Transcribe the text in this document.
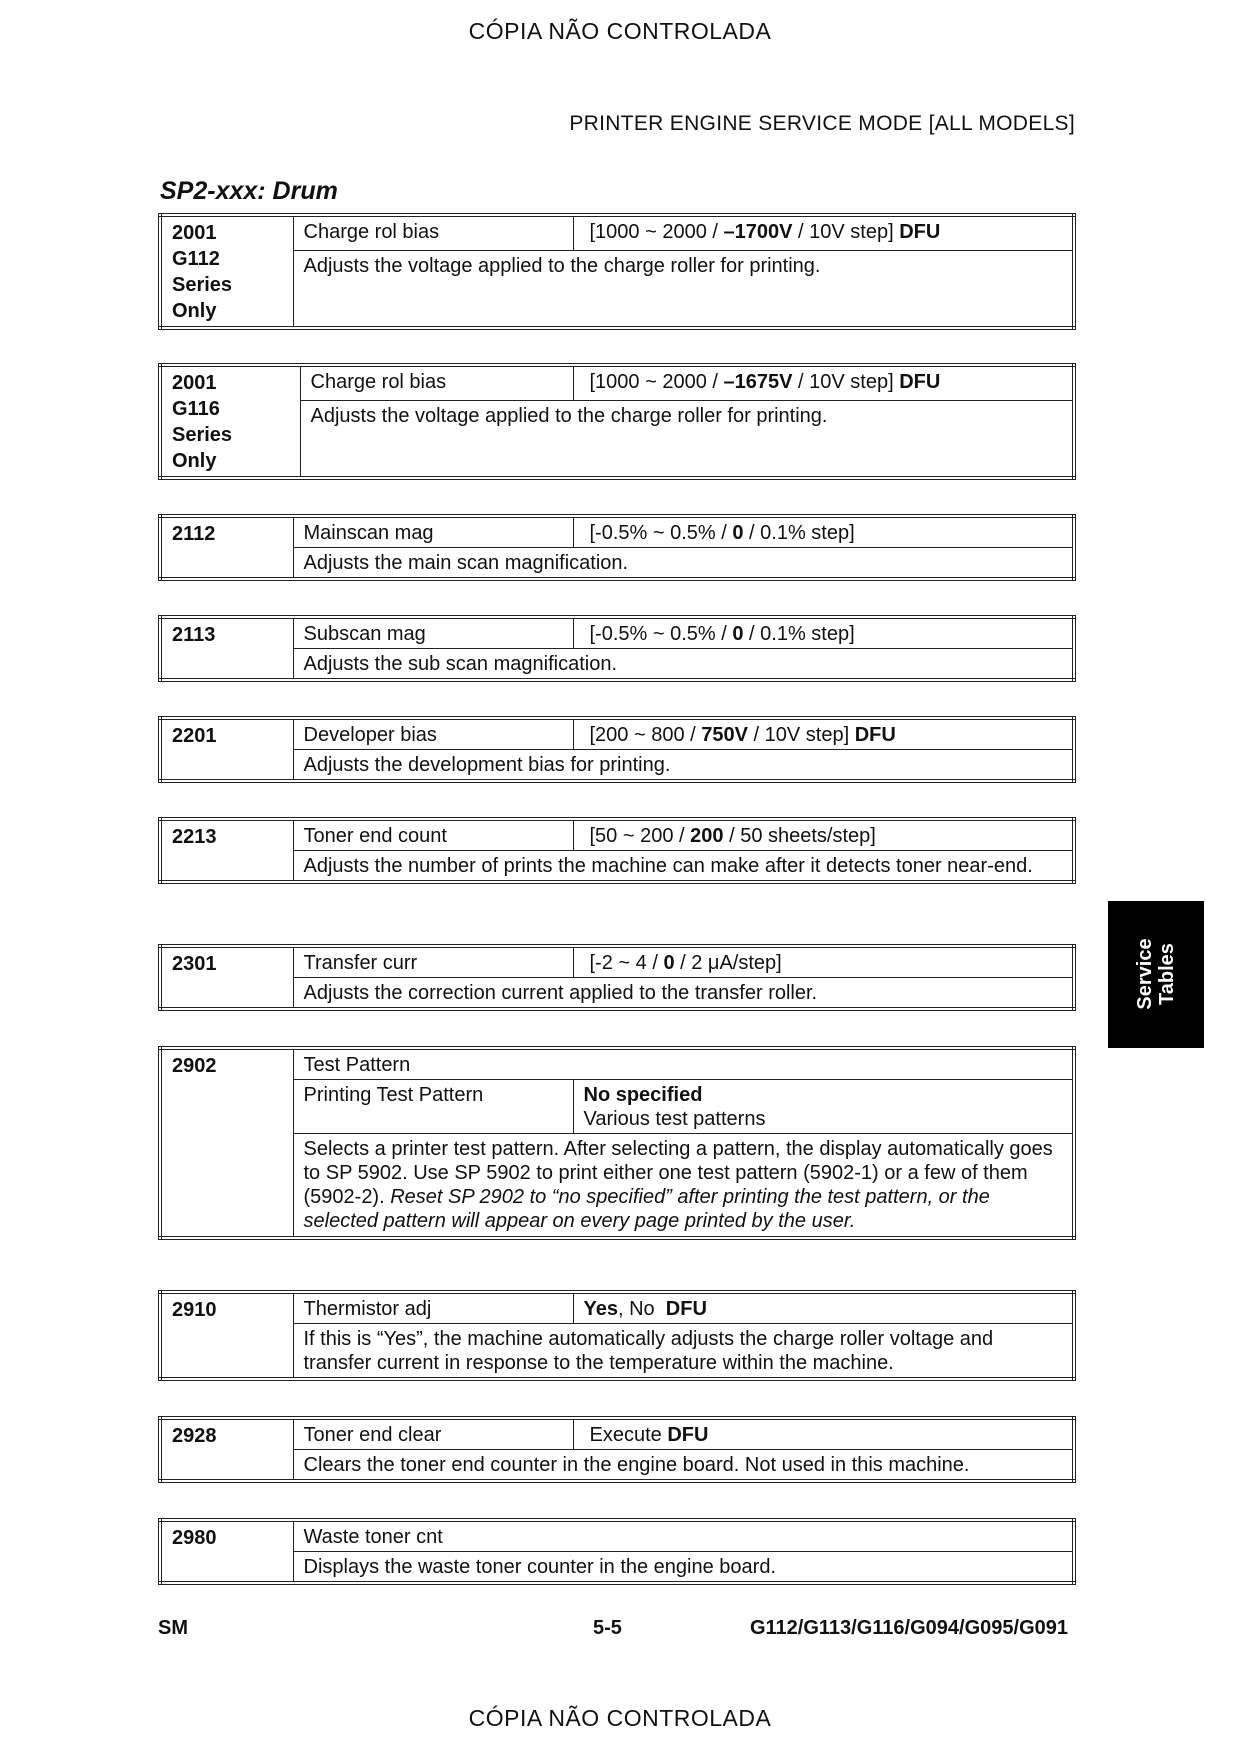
CÓPIA NÃO CONTROLADA
PRINTER ENGINE SERVICE MODE [ALL MODELS]
SP2-xxx: Drum
2001
G112
Series
Only	Charge rol bias	[1000 ~ 2000 / –1700V / 10V step] DFU
Adjusts the voltage applied to the charge roller for printing.
2001
G116
Series
Only	Charge rol bias	[1000 ~ 2000 / –1675V / 10V step] DFU
Adjusts the voltage applied to the charge roller for printing.
2112	Mainscan mag	[-0.5% ~ 0.5% / 0 / 0.1% step]
Adjusts the main scan magnification.
2113	Subscan mag	[-0.5% ~ 0.5% / 0 / 0.1% step]
Adjusts the sub scan magnification.
2201	Developer bias	[200 ~ 800 / 750V / 10V step] DFU
Adjusts the development bias for printing.
2213	Toner end count	[50 ~ 200 / 200 / 50 sheets/step]
Adjusts the number of prints the machine can make after it detects toner near-end.
2301	Transfer curr	[-2 ~ 4 / 0 / 2 μA/step]
Adjusts the correction current applied to the transfer roller.
2902	Test Pattern	
	Printing Test Pattern	No specified
Various test patterns
	Selects a printer test pattern. After selecting a pattern, the display automatically goes to SP 5902. Use SP 5902 to print either one test pattern (5902-1) or a few of them (5902-2). Reset SP 2902 to “no specified” after printing the test pattern, or the selected pattern will appear on every page printed by the user.	
2910	Thermistor adj	Yes, No DFU
If this is “Yes”, the machine automatically adjusts the charge roller voltage and transfer current in response to the temperature within the machine.
2928	Toner end clear	Execute DFU
Clears the toner end counter in the engine board. Not used in this machine.
2980	Waste toner cnt
Displays the waste toner counter in the engine board.
Service
Tables
SM	5-5	G112/G113/G116/G094/G095/G091
CÓPIA NÃO CONTROLADA
